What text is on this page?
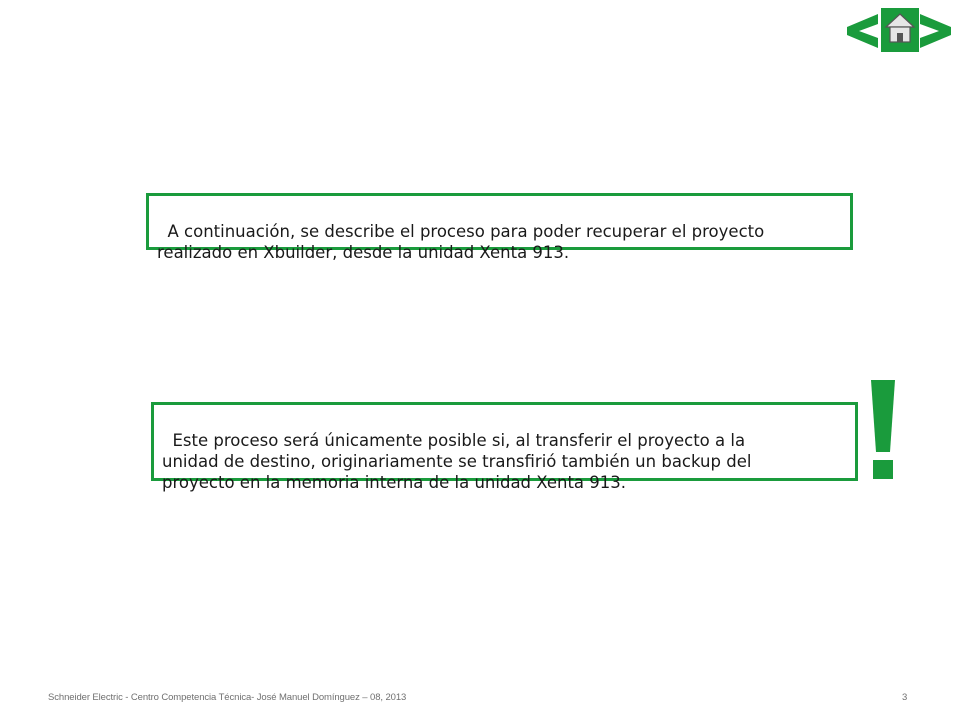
A continuación, se describe el proceso para poder recuperar el proyecto
realizado en Xbuilder, desde la unidad Xenta 913.

Este proceso será únicamente posible si, al transferir el proyecto a la
unidad de destino, originariamente se transfirió también un backup del
proyecto en la memoria interna de la unidad Xenta 913.

Schneider Electric - Centro Competencia Técnica- José Manuel Domínguez – 08, 2013	3
